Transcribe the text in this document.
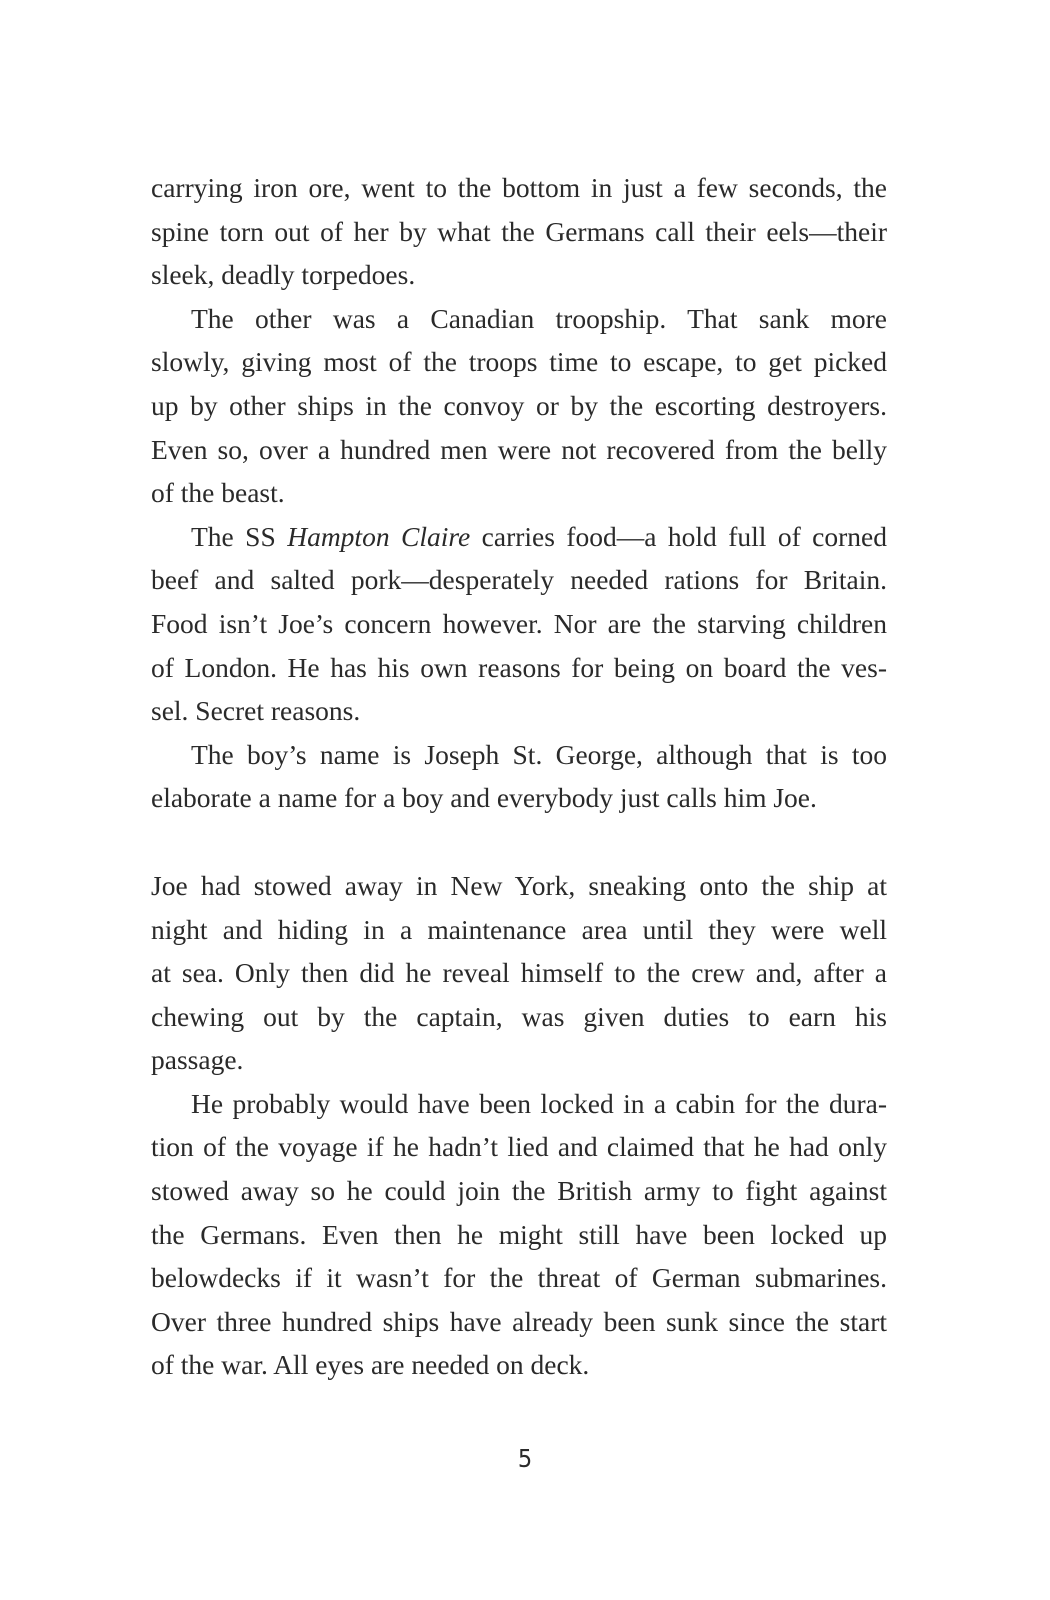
carrying iron ore, went to the bottom in just a few seconds, the
spine torn out of her by what the Germans call their eels—their
sleek, deadly torpedoes.
The other was a Canadian troopship. That sank more
slowly, giving most of the troops time to escape, to get picked
up by other ships in the convoy or by the escorting destroyers.
Even so, over a hundred men were not recovered from the belly
of the beast.
The SS Hampton Claire carries food—a hold full of corned
beef and salted pork—desperately needed rations for Britain.
Food isn’t Joe’s concern however. Nor are the starving children
of London. He has his own reasons for being on board the ves-
sel. Secret reasons.
The boy’s name is Joseph St. George, although that is too
elaborate a name for a boy and everybody just calls him Joe.
Joe had stowed away in New York, sneaking onto the ship at
night and hiding in a maintenance area until they were well
at sea. Only then did he reveal himself to the crew and, after a
chewing out by the captain, was given duties to earn his
passage.
He probably would have been locked in a cabin for the dura-
tion of the voyage if he hadn’t lied and claimed that he had only
stowed away so he could join the British army to fight against
the Germans. Even then he might still have been locked up
belowdecks if it wasn’t for the threat of German submarines.
Over three hundred ships have already been sunk since the start
of the war. All eyes are needed on deck.
5
